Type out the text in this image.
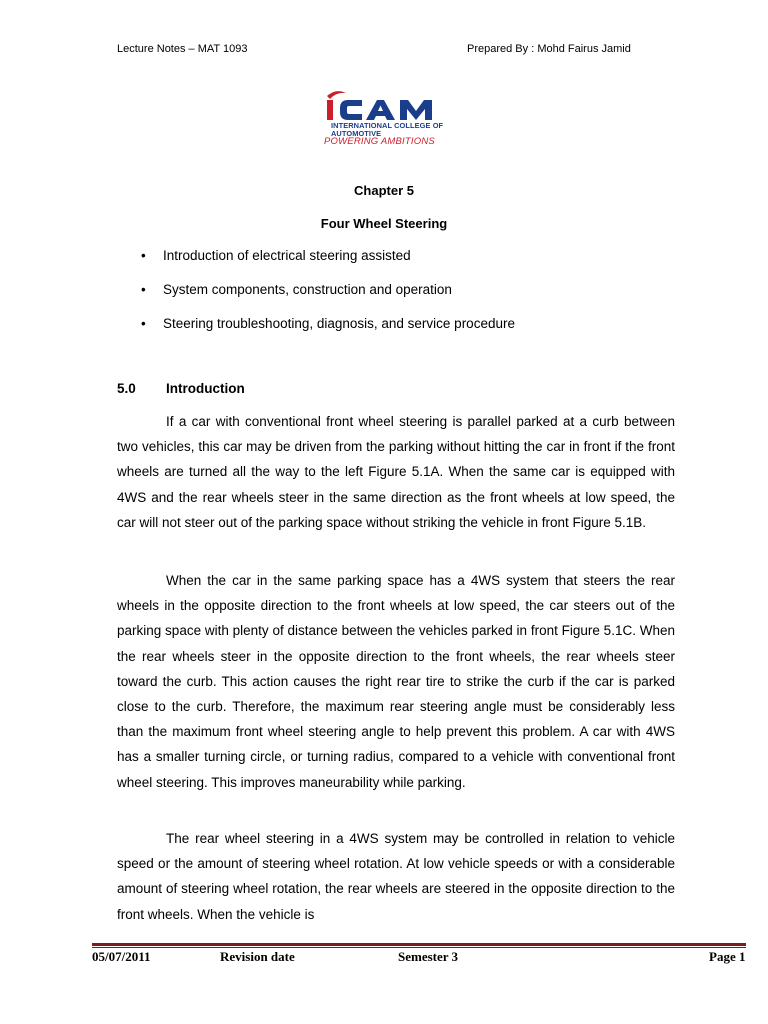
Lecture Notes – MAT 1093	Prepared By : Mohd Fairus Jamid
INTERNATIONAL COLLEGE OF AUTOMOTIVE
POWERING AMBITIONS
Chapter 5
Four Wheel Steering
• Introduction of electrical steering assisted
• System components, construction and operation
• Steering troubleshooting, diagnosis, and service procedure
5.0 Introduction

If a car with conventional front wheel steering is parallel parked at a curb between two vehicles, this car may be driven from the parking without hitting the car in front if the front wheels are turned all the way to the left Figure 5.1A. When the same car is equipped with 4WS and the rear wheels steer in the same direction as the front wheels at low speed, the car will not steer out of the parking space without striking the vehicle in front Figure 5.1B.

When the car in the same parking space has a 4WS system that steers the rear wheels in the opposite direction to the front wheels at low speed, the car steers out of the parking space with plenty of distance between the vehicles parked in front Figure 5.1C. When the rear wheels steer in the opposite direction to the front wheels, the rear wheels steer toward the curb. This action causes the right rear tire to strike the curb if the car is parked close to the curb. Therefore, the maximum rear steering angle must be considerably less than the maximum front wheel steering angle to help prevent this problem. A car with 4WS has a smaller turning circle, or turning radius, compared to a vehicle with conventional front wheel steering. This improves maneurability while parking.

The rear wheel steering in a 4WS system may be controlled in relation to vehicle speed or the amount of steering wheel rotation. At low vehicle speeds or with a considerable amount of steering wheel rotation, the rear wheels are steered in the opposite direction to the front wheels. When the vehicle is

05/07/2011	Revision date	Semester 3	Page 1
